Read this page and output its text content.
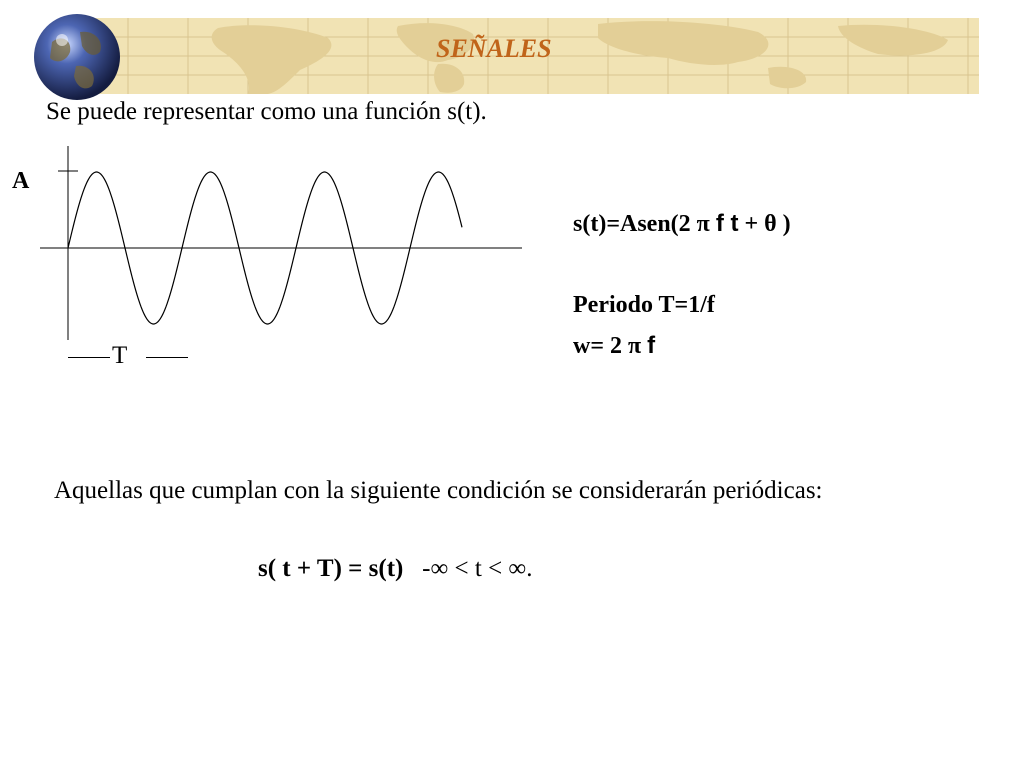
SEÑALES
Se puede representar como una función s(t).
A
T
s(t)=Asen(2 π f t + θ )
Periodo T=1/f
w= 2 π f
Aquellas que cumplan con la siguiente condición se considerarán periódicas:
s( t + T) = s(t) -∞ < t < ∞.
